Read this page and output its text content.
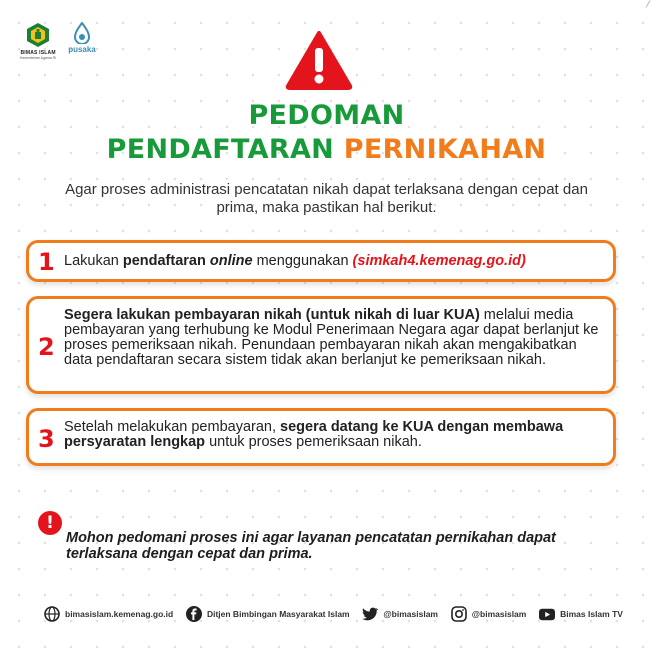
BIMAS ISLAM
Kementerian Agama RI
pusaka
PEDOMAN
PENDAFTARAN PERNIKAHAN
Agar proses administrasi pencatatan nikah dapat terlaksana dengan cepat dan
prima, maka pastikan hal berikut.
1 Lakukan pendaftaran online menggunakan (simkah4.kemenag.go.id)
2
Segera lakukan pembayaran nikah (untuk nikah di luar KUA) melalui media pembayaran yang terhubung ke Modul Penerimaan Negara agar dapat berlanjut ke proses pemeriksaan nikah. Penundaan pembayaran nikah akan mengakibatkan data pendaftaran secara sistem tidak akan berlanjut ke pemeriksaan nikah.
3 Setelah melakukan pembayaran, segera datang ke KUA dengan membawa persyaratan lengkap untuk proses pemeriksaan nikah.
!
Mohon pedomani proses ini agar layanan pencatatan pernikahan dapat terlaksana dengan cepat dan prima.
bimasislam.kemenag.go.id	Ditjen Bimbingan Masyarakat Islam	@bimasislam	@bimasislam	Bimas Islam TV
